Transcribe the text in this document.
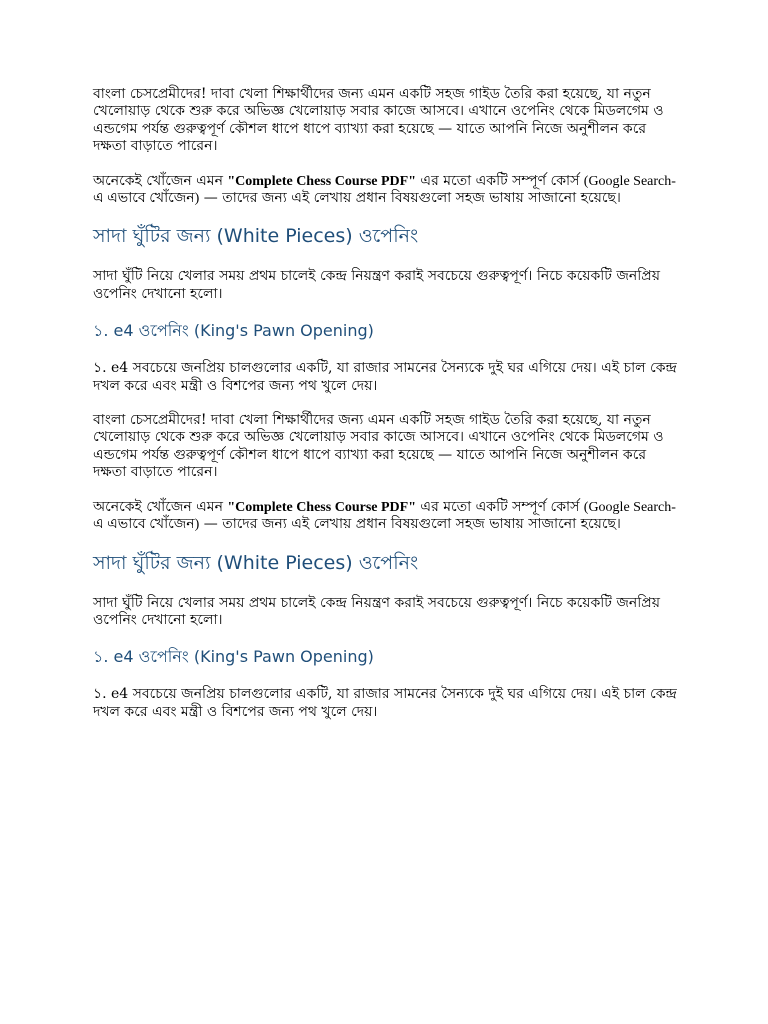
বাংলা চেসপ্রেমীদের! দাবা খেলা শিক্ষার্থীদের জন্য এমন একটি সহজ গাইড তৈরি করা হয়েছে, যা নতুন খেলোয়াড় থেকে শুরু করে অভিজ্ঞ খেলোয়াড় সবার কাজে আসবে। এখানে ওপেনিং থেকে মিডলগেম ও এন্ডগেম পর্যন্ত গুরুত্বপূর্ণ কৌশল ধাপে ধাপে ব্যাখ্যা করা হয়েছে — যাতে আপনি নিজে অনুশীলন করে দক্ষতা বাড়াতে পারেন।

অনেকেই খোঁজেন এমন "Complete Chess Course PDF" এর মতো একটি সম্পূর্ণ কোর্স (Google Search-এ এভাবে খোঁজেন) — তাদের জন্য এই লেখায় প্রধান বিষয়গুলো সহজ ভাষায় সাজানো হয়েছে।

সাদা ঘুঁটির জন্য (White Pieces) ওপেনিং

সাদা ঘুঁটি নিয়ে খেলার সময় প্রথম চালেই কেন্দ্র নিয়ন্ত্রণ করাই সবচেয়ে গুরুত্বপূর্ণ। নিচে কয়েকটি জনপ্রিয় ওপেনিং দেখানো হলো।

১. e4 ওপেনিং (King's Pawn Opening)

১. e4 সবচেয়ে জনপ্রিয় চালগুলোর একটি, যা রাজার সামনের সৈন্যকে দুই ঘর এগিয়ে দেয়। এই চাল কেন্দ্র দখল করে এবং মন্ত্রী ও বিশপের জন্য পথ খুলে দেয়।

বাংলা চেসপ্রেমীদের! দাবা খেলা শিক্ষার্থীদের জন্য এমন একটি সহজ গাইড তৈরি করা হয়েছে, যা নতুন খেলোয়াড় থেকে শুরু করে অভিজ্ঞ খেলোয়াড় সবার কাজে আসবে। এখানে ওপেনিং থেকে মিডলগেম ও এন্ডগেম পর্যন্ত গুরুত্বপূর্ণ কৌশল ধাপে ধাপে ব্যাখ্যা করা হয়েছে — যাতে আপনি নিজে অনুশীলন করে দক্ষতা বাড়াতে পারেন।

অনেকেই খোঁজেন এমন "Complete Chess Course PDF" এর মতো একটি সম্পূর্ণ কোর্স (Google Search-এ এভাবে খোঁজেন) — তাদের জন্য এই লেখায় প্রধান বিষয়গুলো সহজ ভাষায় সাজানো হয়েছে।

সাদা ঘুঁটির জন্য (White Pieces) ওপেনিং

সাদা ঘুঁটি নিয়ে খেলার সময় প্রথম চালেই কেন্দ্র নিয়ন্ত্রণ করাই সবচেয়ে গুরুত্বপূর্ণ। নিচে কয়েকটি জনপ্রিয় ওপেনিং দেখানো হলো।

১. e4 ওপেনিং (King's Pawn Opening)

১. e4 সবচেয়ে জনপ্রিয় চালগুলোর একটি, যা রাজার সামনের সৈন্যকে দুই ঘর এগিয়ে দেয়। এই চাল কেন্দ্র দখল করে এবং মন্ত্রী ও বিশপের জন্য পথ খুলে দেয়।
